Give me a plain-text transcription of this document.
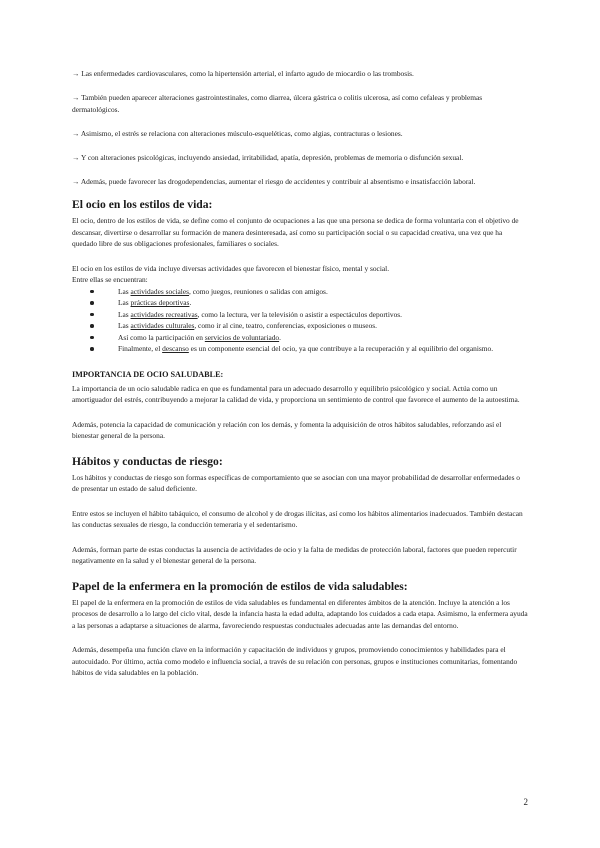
→ Las enfermedades cardiovasculares, como la hipertensión arterial, el infarto agudo de miocardio o las trombosis.

→ También pueden aparecer alteraciones gastrointestinales, como diarrea, úlcera gástrica o colitis ulcerosa, así como cefaleas y problemas dermatológicos.

→ Asimismo, el estrés se relaciona con alteraciones músculo-esqueléticas, como algias, contracturas o lesiones.

→ Y con alteraciones psicológicas, incluyendo ansiedad, irritabilidad, apatía, depresión, problemas de memoria o disfunción sexual.

→ Además, puede favorecer las drogodependencias, aumentar el riesgo de accidentes y contribuir al absentismo e insatisfacción laboral.

El ocio en los estilos de vida:

El ocio, dentro de los estilos de vida, se define como el conjunto de ocupaciones a las que una persona se dedica de forma voluntaria con el objetivo de descansar, divertirse o desarrollar su formación de manera desinteresada, así como su participación social o su capacidad creativa, una vez que ha quedado libre de sus obligaciones profesionales, familiares o sociales.

El ocio en los estilos de vida incluye diversas actividades que favorecen el bienestar físico, mental y social.

Entre ellas se encuentran:

Las actividades sociales, como juegos, reuniones o salidas con amigos.
Las prácticas deportivas.
Las actividades recreativas, como la lectura, ver la televisión o asistir a espectáculos deportivos.
Las actividades culturales, como ir al cine, teatro, conferencias, exposiciones o museos.
Así como la participación en servicios de voluntariado.
Finalmente, el descanso es un componente esencial del ocio, ya que contribuye a la recuperación y al equilibrio del organismo.
IMPORTANCIA DE OCIO SALUDABLE:

La importancia de un ocio saludable radica en que es fundamental para un adecuado desarrollo y equilibrio psicológico y social. Actúa como un amortiguador del estrés, contribuyendo a mejorar la calidad de vida, y proporciona un sentimiento de control que favorece el aumento de la autoestima.

Además, potencia la capacidad de comunicación y relación con los demás, y fomenta la adquisición de otros hábitos saludables, reforzando así el bienestar general de la persona.

Hábitos y conductas de riesgo:

Los hábitos y conductas de riesgo son formas específicas de comportamiento que se asocian con una mayor probabilidad de desarrollar enfermedades o de presentar un estado de salud deficiente.

Entre estos se incluyen el hábito tabáquico, el consumo de alcohol y de drogas ilícitas, así como los hábitos alimentarios inadecuados. También destacan las conductas sexuales de riesgo, la conducción temeraria y el sedentarismo.

Además, forman parte de estas conductas la ausencia de actividades de ocio y la falta de medidas de protección laboral, factores que pueden repercutir negativamente en la salud y el bienestar general de la persona.

Papel de la enfermera en la promoción de estilos de vida saludables:

El papel de la enfermera en la promoción de estilos de vida saludables es fundamental en diferentes ámbitos de la atención. Incluye la atención a los procesos de desarrollo a lo largo del ciclo vital, desde la infancia hasta la edad adulta, adaptando los cuidados a cada etapa. Asimismo, la enfermera ayuda a las personas a adaptarse a situaciones de alarma, favoreciendo respuestas conductuales adecuadas ante las demandas del entorno.

Además, desempeña una función clave en la información y capacitación de individuos y grupos, promoviendo conocimientos y habilidades para el autocuidado. Por último, actúa como modelo e influencia social, a través de su relación con personas, grupos e instituciones comunitarias, fomentando hábitos de vida saludables en la población.

2
